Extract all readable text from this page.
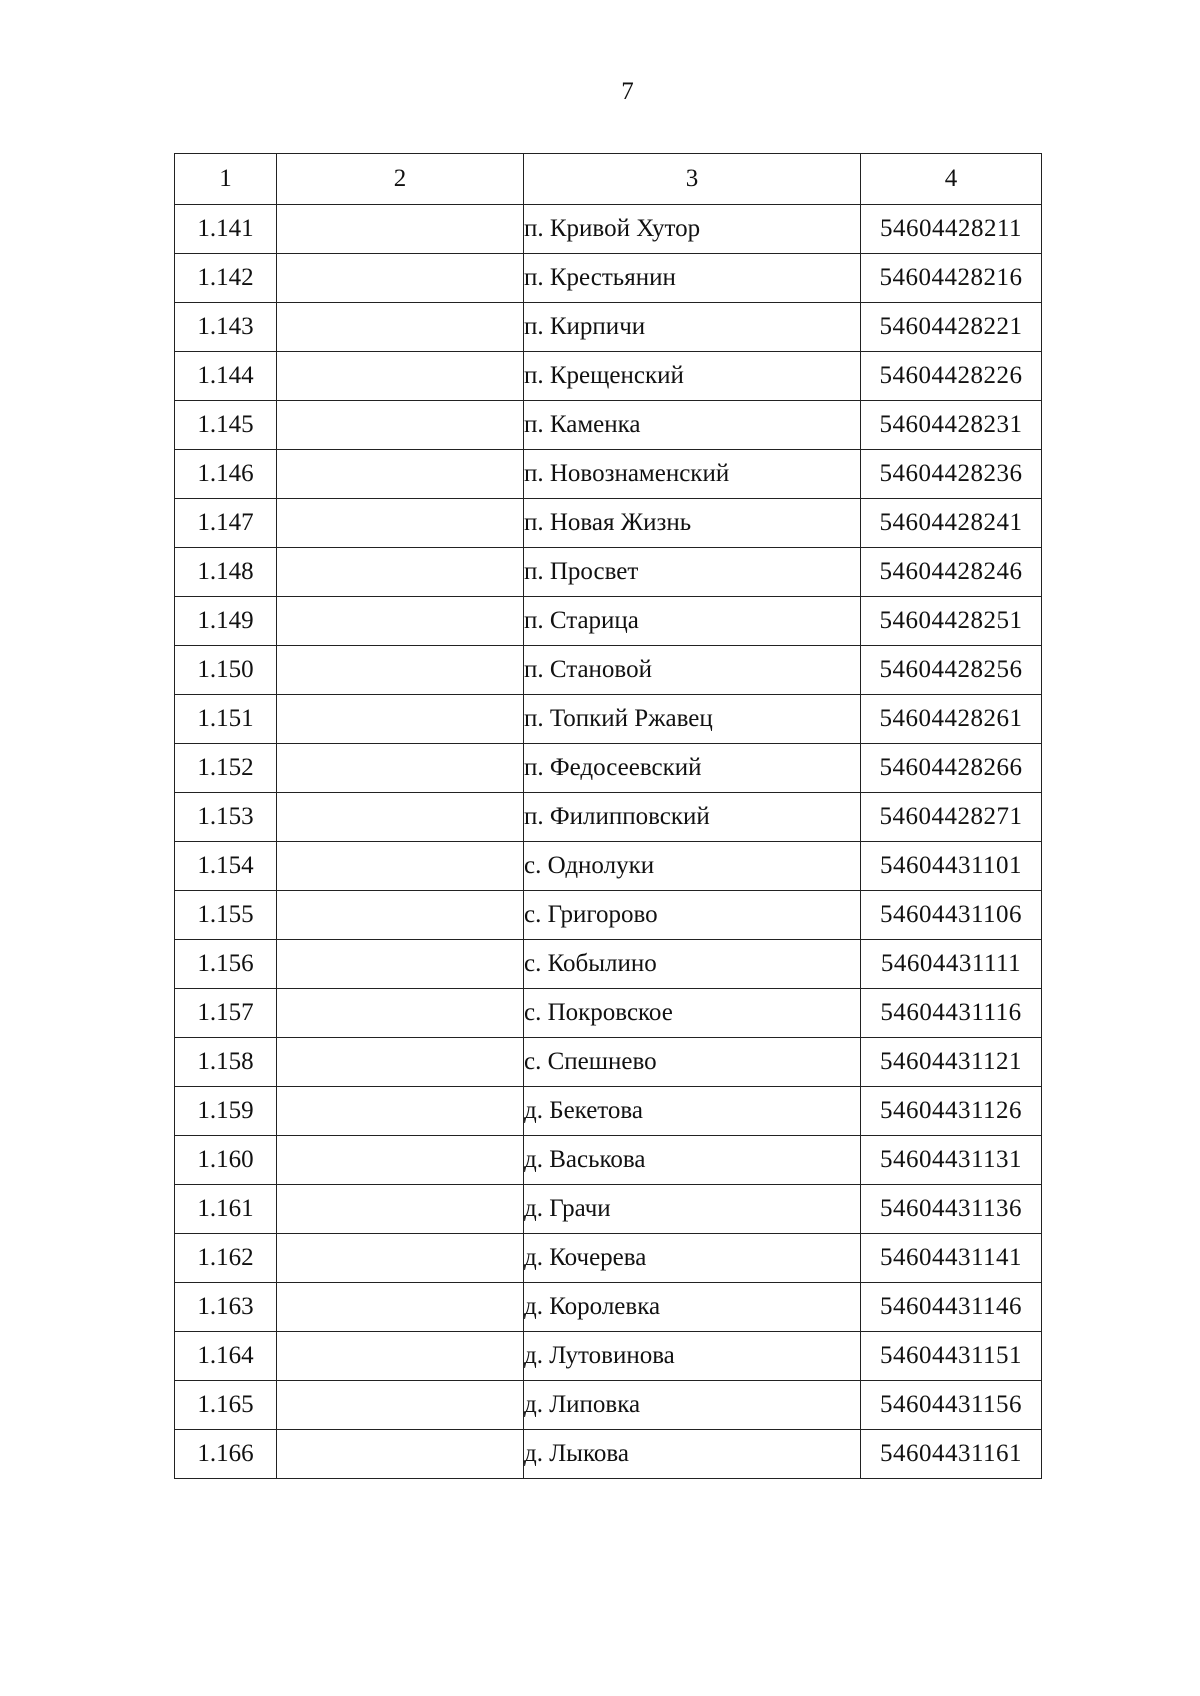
7
1	2	3	4
1.141		п. Кривой Хутор	54604428211
1.142		п. Крестьянин	54604428216
1.143		п. Кирпичи	54604428221
1.144		п. Крещенский	54604428226
1.145		п. Каменка	54604428231
1.146		п. Новознаменский	54604428236
1.147		п. Новая Жизнь	54604428241
1.148		п. Просвет	54604428246
1.149		п. Старица	54604428251
1.150		п. Становой	54604428256
1.151		п. Топкий Ржавец	54604428261
1.152		п. Федосеевский	54604428266
1.153		п. Филипповский	54604428271
1.154		с. Однолуки	54604431101
1.155		с. Григорово	54604431106
1.156		с. Кобылино	54604431111
1.157		с. Покровское	54604431116
1.158		с. Спешнево	54604431121
1.159		д. Бекетова	54604431126
1.160		д. Васькова	54604431131
1.161		д. Грачи	54604431136
1.162		д. Кочерева	54604431141
1.163		д. Королевка	54604431146
1.164		д. Лутовинова	54604431151
1.165		д. Липовка	54604431156
1.166		д. Лыкова	54604431161
